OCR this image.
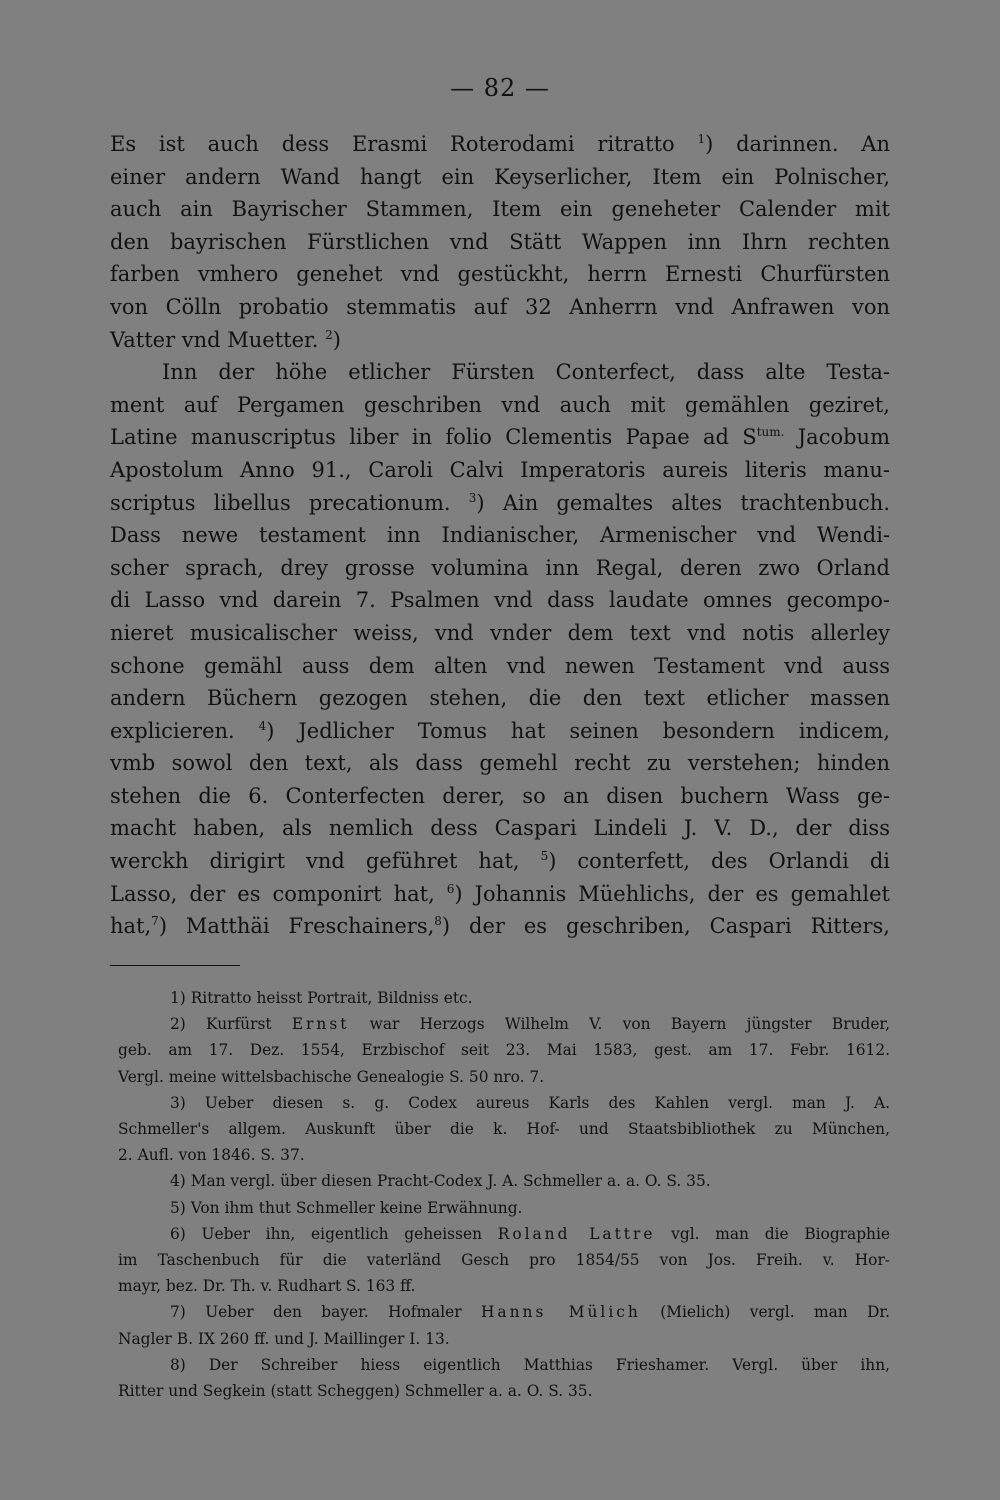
— 82 —
Es ist auch dess Erasmi Roterodami ritratto $^1$) darinnen. An
einer andern Wand hangt ein Keyserlicher, Item ein Polnischer,
auch ain Bayrischer Stammen, Item ein geneheter Calender mit
den bayrischen Fürstlichen vnd Stätt Wappen inn Ihrn rechten
farben vmhero genehet vnd gestückht, herrn Ernesti Churfürsten
von Cölln probatio stemmatis auf 32 Anherrn vnd Anfrawen von
Vatter vnd Muetter. $^2$)
Inn der höhe etlicher Fürsten Conterfect, dass alte Testa-
ment auf Pergamen geschriben vnd auch mit gemählen geziret,
Latine manuscriptus liber in folio Clementis Papae ad $S^{tum.}$ Jacobum
Apostolum Anno 91., Caroli Calvi Imperatoris aureis literis manu-
scriptus libellus precationum. $^3$) Ain gemaltes altes trachtenbuch.
Dass newe testament inn Indianischer, Armenischer vnd Wendi-
scher sprach, drey grosse volumina inn Regal, deren zwo Orland
di Lasso vnd darein 7. Psalmen vnd dass laudate omnes gecompo-
nieret musicalischer weiss, vnd vnder dem text vnd notis allerley
schone gemähl auss dem alten vnd newen Testament vnd auss
andern Büchern gezogen stehen, die den text etlicher massen
explicieren. $^4$) Jedlicher Tomus hat seinen besondern indicem,
vmb sowol den text, als dass gemehl recht zu verstehen; hinden
stehen die 6. Conterfecten derer, so an disen buchern Wass ge-
macht haben, als nemlich dess Caspari Lindeli J. V. D., der diss
werckh dirigirt vnd geführet hat, $^5$) conterfett, des Orlandi di
Lasso, der es componirt hat, $^6$) Johannis Müehlichs, der es gemahlet
hat,$^7$) Matthäi Freschainers,$^8$) der es geschriben, Caspari Ritters,
1) Ritratto heisst Portrait, Bildniss etc.
2) Kurfürst Ernst war Herzogs Wilhelm V. von Bayern jüngster Bruder,
geb. am 17. Dez. 1554, Erzbischof seit 23. Mai 1583, gest. am 17. Febr. 1612.
Vergl. meine wittelsbachische Genealogie S. 50 nro. 7.
3) Ueber diesen s. g. Codex aureus Karls des Kahlen vergl. man J. A.
Schmeller's allgem. Auskunft über die k. Hof- und Staatsbibliothek zu München,
2. Aufl. von 1846. S. 37.
4) Man vergl. über diesen Pracht-Codex J. A. Schmeller a. a. O. S. 35.
5) Von ihm thut Schmeller keine Erwähnung.
6) Ueber ihn, eigentlich geheissen Roland Lattre vgl. man die Biographie
im Taschenbuch für die vaterländ Gesch pro 1854/55 von Jos. Freih. v. Hor-
mayr, bez. Dr. Th. v. Rudhart S. 163 ff.
7) Ueber den bayer. Hofmaler Hanns Mülich (Mielich) vergl. man Dr.
Nagler B. IX 260 ff. und J. Maillinger I. 13.
8) Der Schreiber hiess eigentlich Matthias Frieshamer. Vergl. über ihn,
Ritter und Segkein (statt Scheggen) Schmeller a. a. O. S. 35.
